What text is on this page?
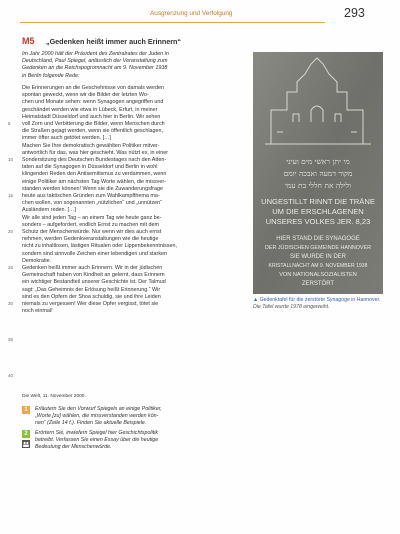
Ausgrenzung und Verfolgung	293
M5 „Gedenken heißt immer auch Erinnern“
Im Jahr 2000 hält der Präsident des Zentralrates der Juden in
Deutschland, Paul Spiegel, anlässlich der Veranstaltung zum
Gedenken an die Reichspogromnacht am 9. November 1938
in Berlin folgende Rede:

Die Erinnerungen an die Geschehnisse von damals werden

spontan geweckt, wenn wir die Bilder der letzten Wo-

chen und Monate sehen: wenn Synagogen angegriffen und

geschändet werden wie etwa in Lübeck, Erfurt, in meiner

Heimatstadt Düsseldorf und auch hier in Berlin. Wir sehen

voll Zorn und Verbitterung die Bilder, wenn Menschen durch

die Straßen gejagt werden, wenn sie öffentlich geschlagen,

immer öfter auch getötet werden. […]

Machen Sie Ihre demokratisch gewählten Politiker mitver-

antwortlich für das, was hier geschieht. Was nützt es, in einer

Sondersitzung des Deutschen Bundestages nach den Atten-

taten auf die Synagogen in Düsseldorf und Berlin in wohl

klingenden Reden den Antisemitismus zu verdammen, wenn

einige Politiker am nächsten Tag Worte wählen, die missver-

standen werden können! Wenn sie die Zuwanderungsfrage

heute aus taktischen Gründen zum Wahlkampfthema ma-

chen wollen, von sogenannten „nützlichen“ und „unnützen“

Ausländern reden. […]

Wir alle sind jeden Tag – an einem Tag wie heute ganz be-

sonders – aufgefordert, endlich Ernst zu machen mit dem

Schutz der Menschenwürde. Nur wenn wir dies auch ernst

nehmen, werden Gedenkveranstaltungen wie die heutige

nicht zu inhaltlosen, lästigen Ritualen oder Lippenbekenntnissen,

sondern sind sinnvolle Zeichen einer lebendigen und starken

Demokratie.

Gedenken heißt immer auch Erinnern. Wir in der jüdischen

Gemeinschaft haben von Kindheit an gelernt, dass Erinnern

ein wichtiger Bestandteil unserer Geschichte ist. Der Talmud

sagt: „Das Geheimnis der Erlösung heißt Erinnerung.“ Wir

sind es den Opfern der Shoa schuldig, sie und ihre Leiden

niemals zu vergessen! Wer diese Opfer vergisst, tötet sie

noch einmal!

5
10
15
20
25
30
35
40
מי יתן ראשי מים ועיני
מקור דמעה ואבכה יומם
ולילה את חללי בת עמי
UNGESTILLT RINNT DIE TRÄNE
UM DIE ERSCHLAGENEN
UNSERES VOLKES JER. 8,23
HIER STAND DIE SYNAGOGE
DER JÜDISCHEN GEMEINDE HANNOVER
SIE WURDE IN DER
KRISTALLNACHT AM 9. NOVEMBER 1938
VON NATIONALSOZIALISTEN
ZERSTÖRT
▲ Gedenktafel für die zerstörte Synagoge in Hannover.
Die Tafel wurde 1978 eingeweiht.
Die Welt, 11. November 2000.
1	Erläutern Sie den Vorwurf Spiegels an einige Politiker,
„Worte [zu] wählen, die missverstanden werden kön-
nen“ (Zeile 14 f.). Finden Sie aktuelle Beispiele.
2	Erörtern Sie, inwiefern Spiegel hier Geschichtspolitik
betreibt. Verfassen Sie einen Essay über die heutige
Bedeutung der Menschenwürde.
